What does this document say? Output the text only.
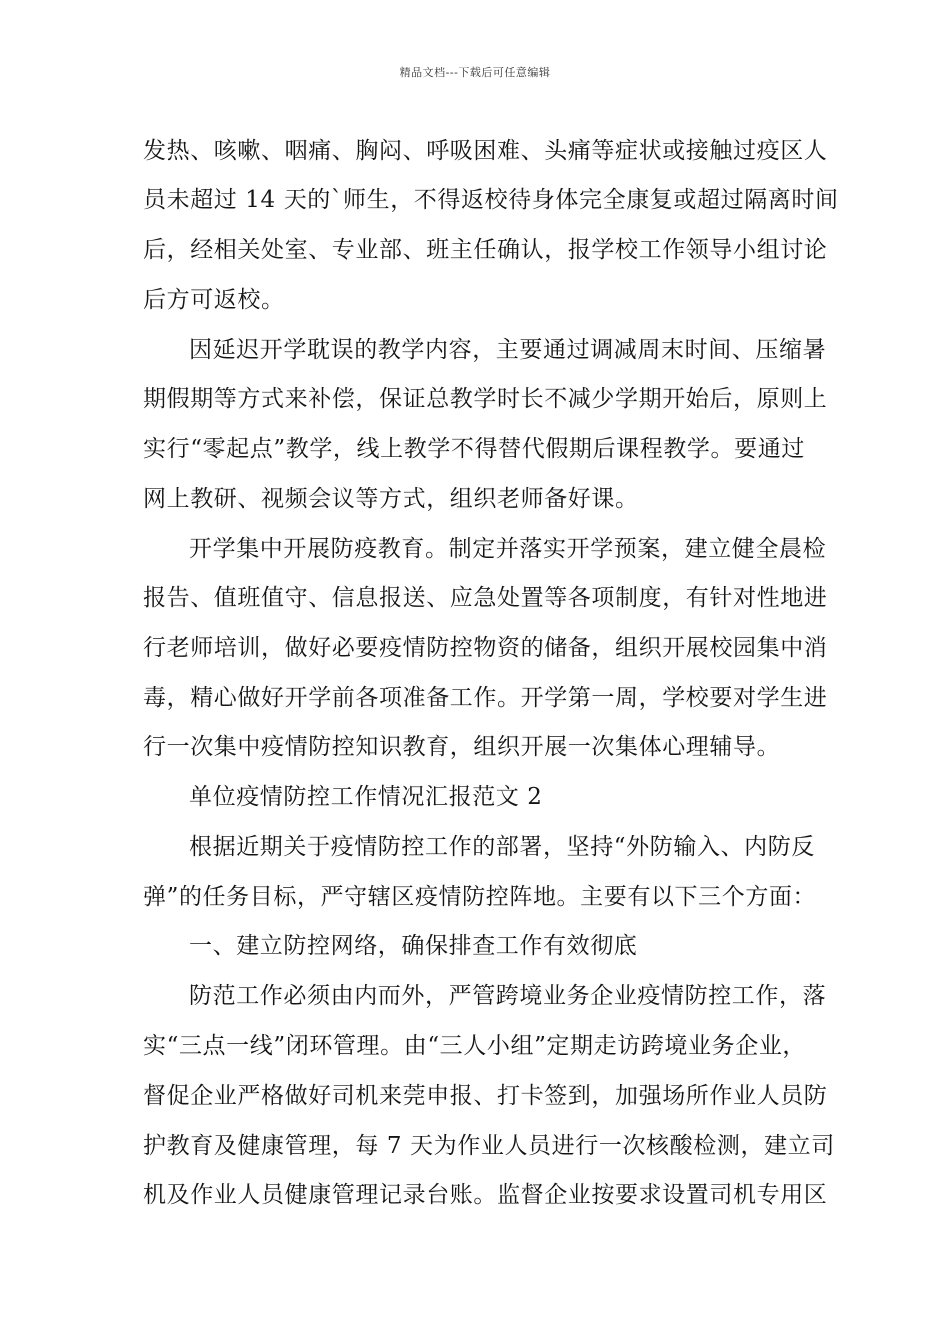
精品文档---下载后可任意编辑
发热、咳嗽、咽痛、胸闷、呼吸困难、头痛等症状或接触过疫区人
员未超过 14 天的`师生，不得返校待身体完全康复或超过隔离时间
后，经相关处室、专业部、班主任确认，报学校工作领导小组讨论
后方可返校。
因延迟开学耽误的教学内容，主要通过调减周末时间、压缩暑
期假期等方式来补偿，保证总教学时长不减少学期开始后，原则上
实行“零起点”教学，线上教学不得替代假期后课程教学。要通过
网上教研、视频会议等方式，组织老师备好课。
开学集中开展防疫教育。制定并落实开学预案，建立健全晨检
报告、值班值守、信息报送、应急处置等各项制度，有针对性地进
行老师培训，做好必要疫情防控物资的储备，组织开展校园集中消
毒，精心做好开学前各项准备工作。开学第一周，学校要对学生进
行一次集中疫情防控知识教育，组织开展一次集体心理辅导。
单位疫情防控工作情况汇报范文 2
根据近期关于疫情防控工作的部署，坚持“外防输入、内防反
弹”的任务目标，严守辖区疫情防控阵地。主要有以下三个方面：
一、建立防控网络，确保排查工作有效彻底
防范工作必须由内而外，严管跨境业务企业疫情防控工作，落
实“三点一线”闭环管理。由“三人小组”定期走访跨境业务企业，
督促企业严格做好司机来莞申报、打卡签到，加强场所作业人员防
护教育及健康管理，每 7 天为作业人员进行一次核酸检测，建立司
机及作业人员健康管理记录台账。监督企业按要求设置司机专用区
